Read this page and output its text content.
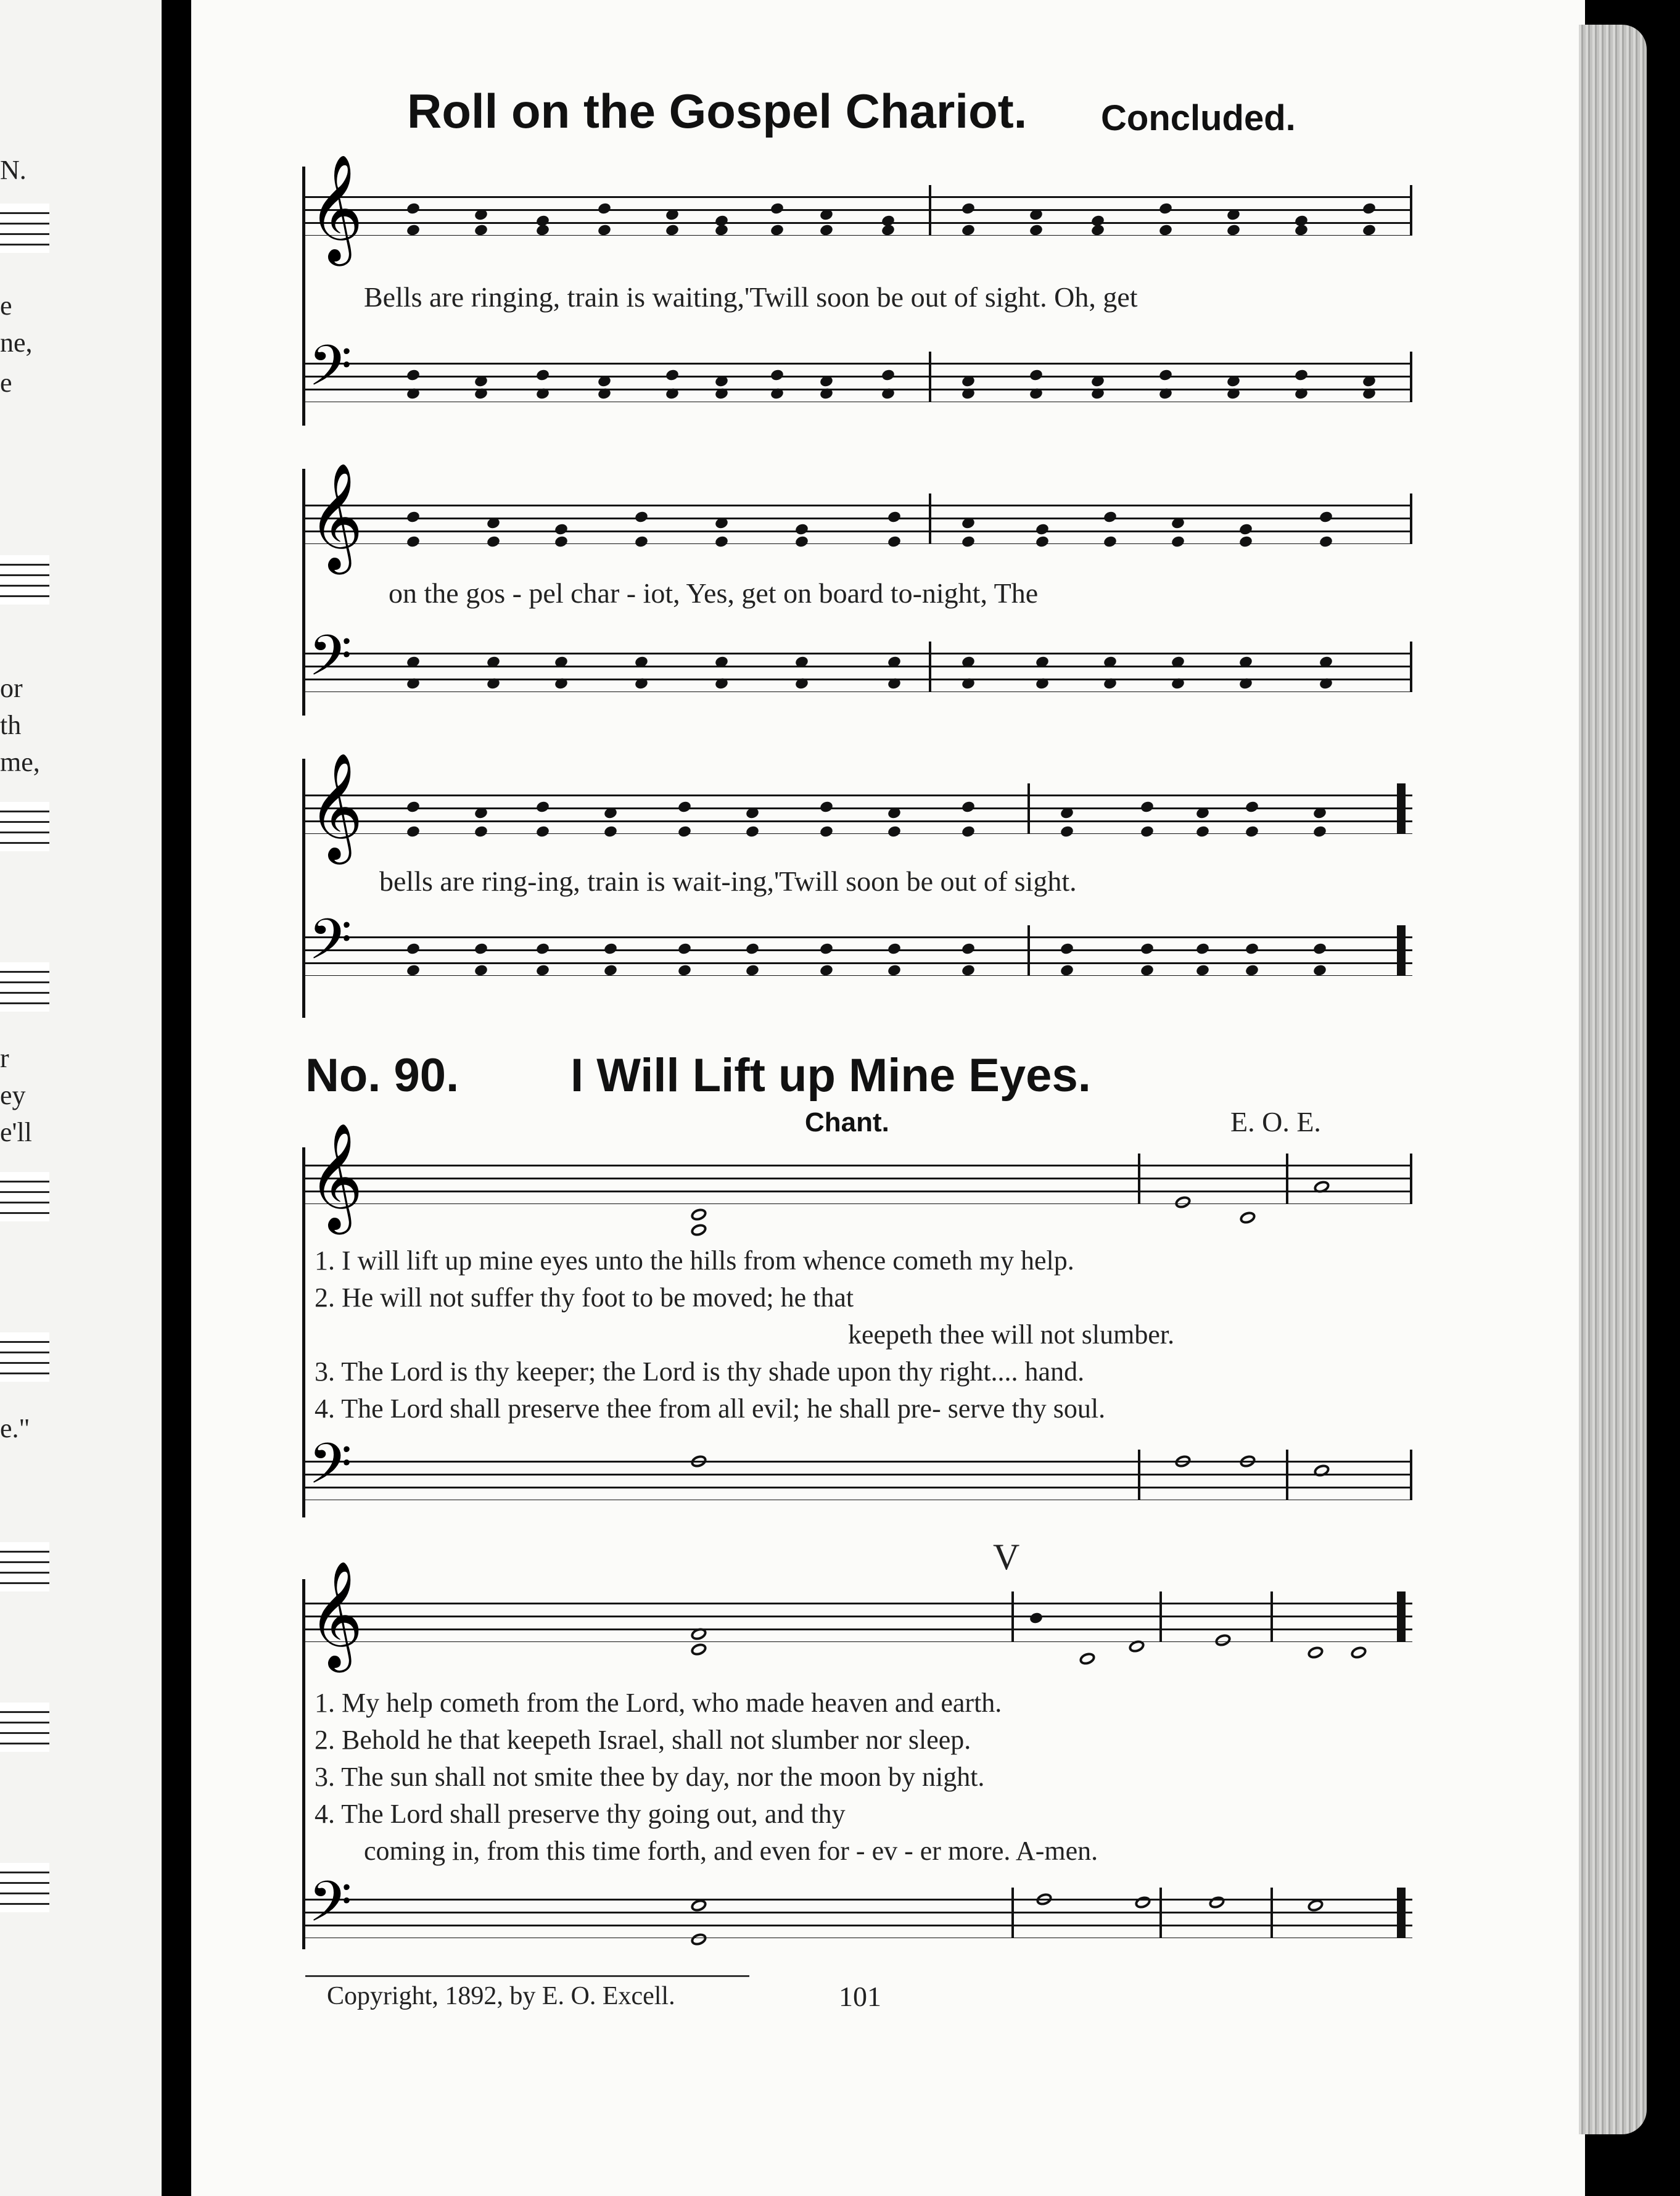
N.
e
ne,
e
or
th
me,
r
ey
e'll
e."
Roll on the Gospel Chariot. Concluded.
𝄞
Bells are ringing, train is waiting,'Twill soon be out of sight. Oh, get
𝄢
𝄞
on the gos - pel char - iot, Yes, get on board to-night, The
𝄢
𝄞
bells are ring-ing, train is wait-ing,'Twill soon be out of sight.
𝄢
No. 90. I Will Lift up Mine Eyes.
Chant.	E. O. E.
𝄞
1. I will lift up mine eyes unto the hills from whence cometh my help.
2. He will not suffer thy foot to be moved; he that
keepeth thee will not slumber.
3. The Lord is thy keeper; the Lord is thy shade upon thy right.... hand.
4. The Lord shall preserve thee from all evil; he shall pre- serve thy soul.
𝄢
𝄞
V
1. My help cometh from the Lord, who made heaven and earth.
2. Behold he that keepeth Israel, shall not slumber nor sleep.
3. The sun shall not smite thee by day, nor the moon by night.
4. The Lord shall preserve thy going out, and thy
coming in, from this time forth, and even for - ev - er more. A-men.
𝄢
Copyright, 1892, by E. O. Excell.	101
